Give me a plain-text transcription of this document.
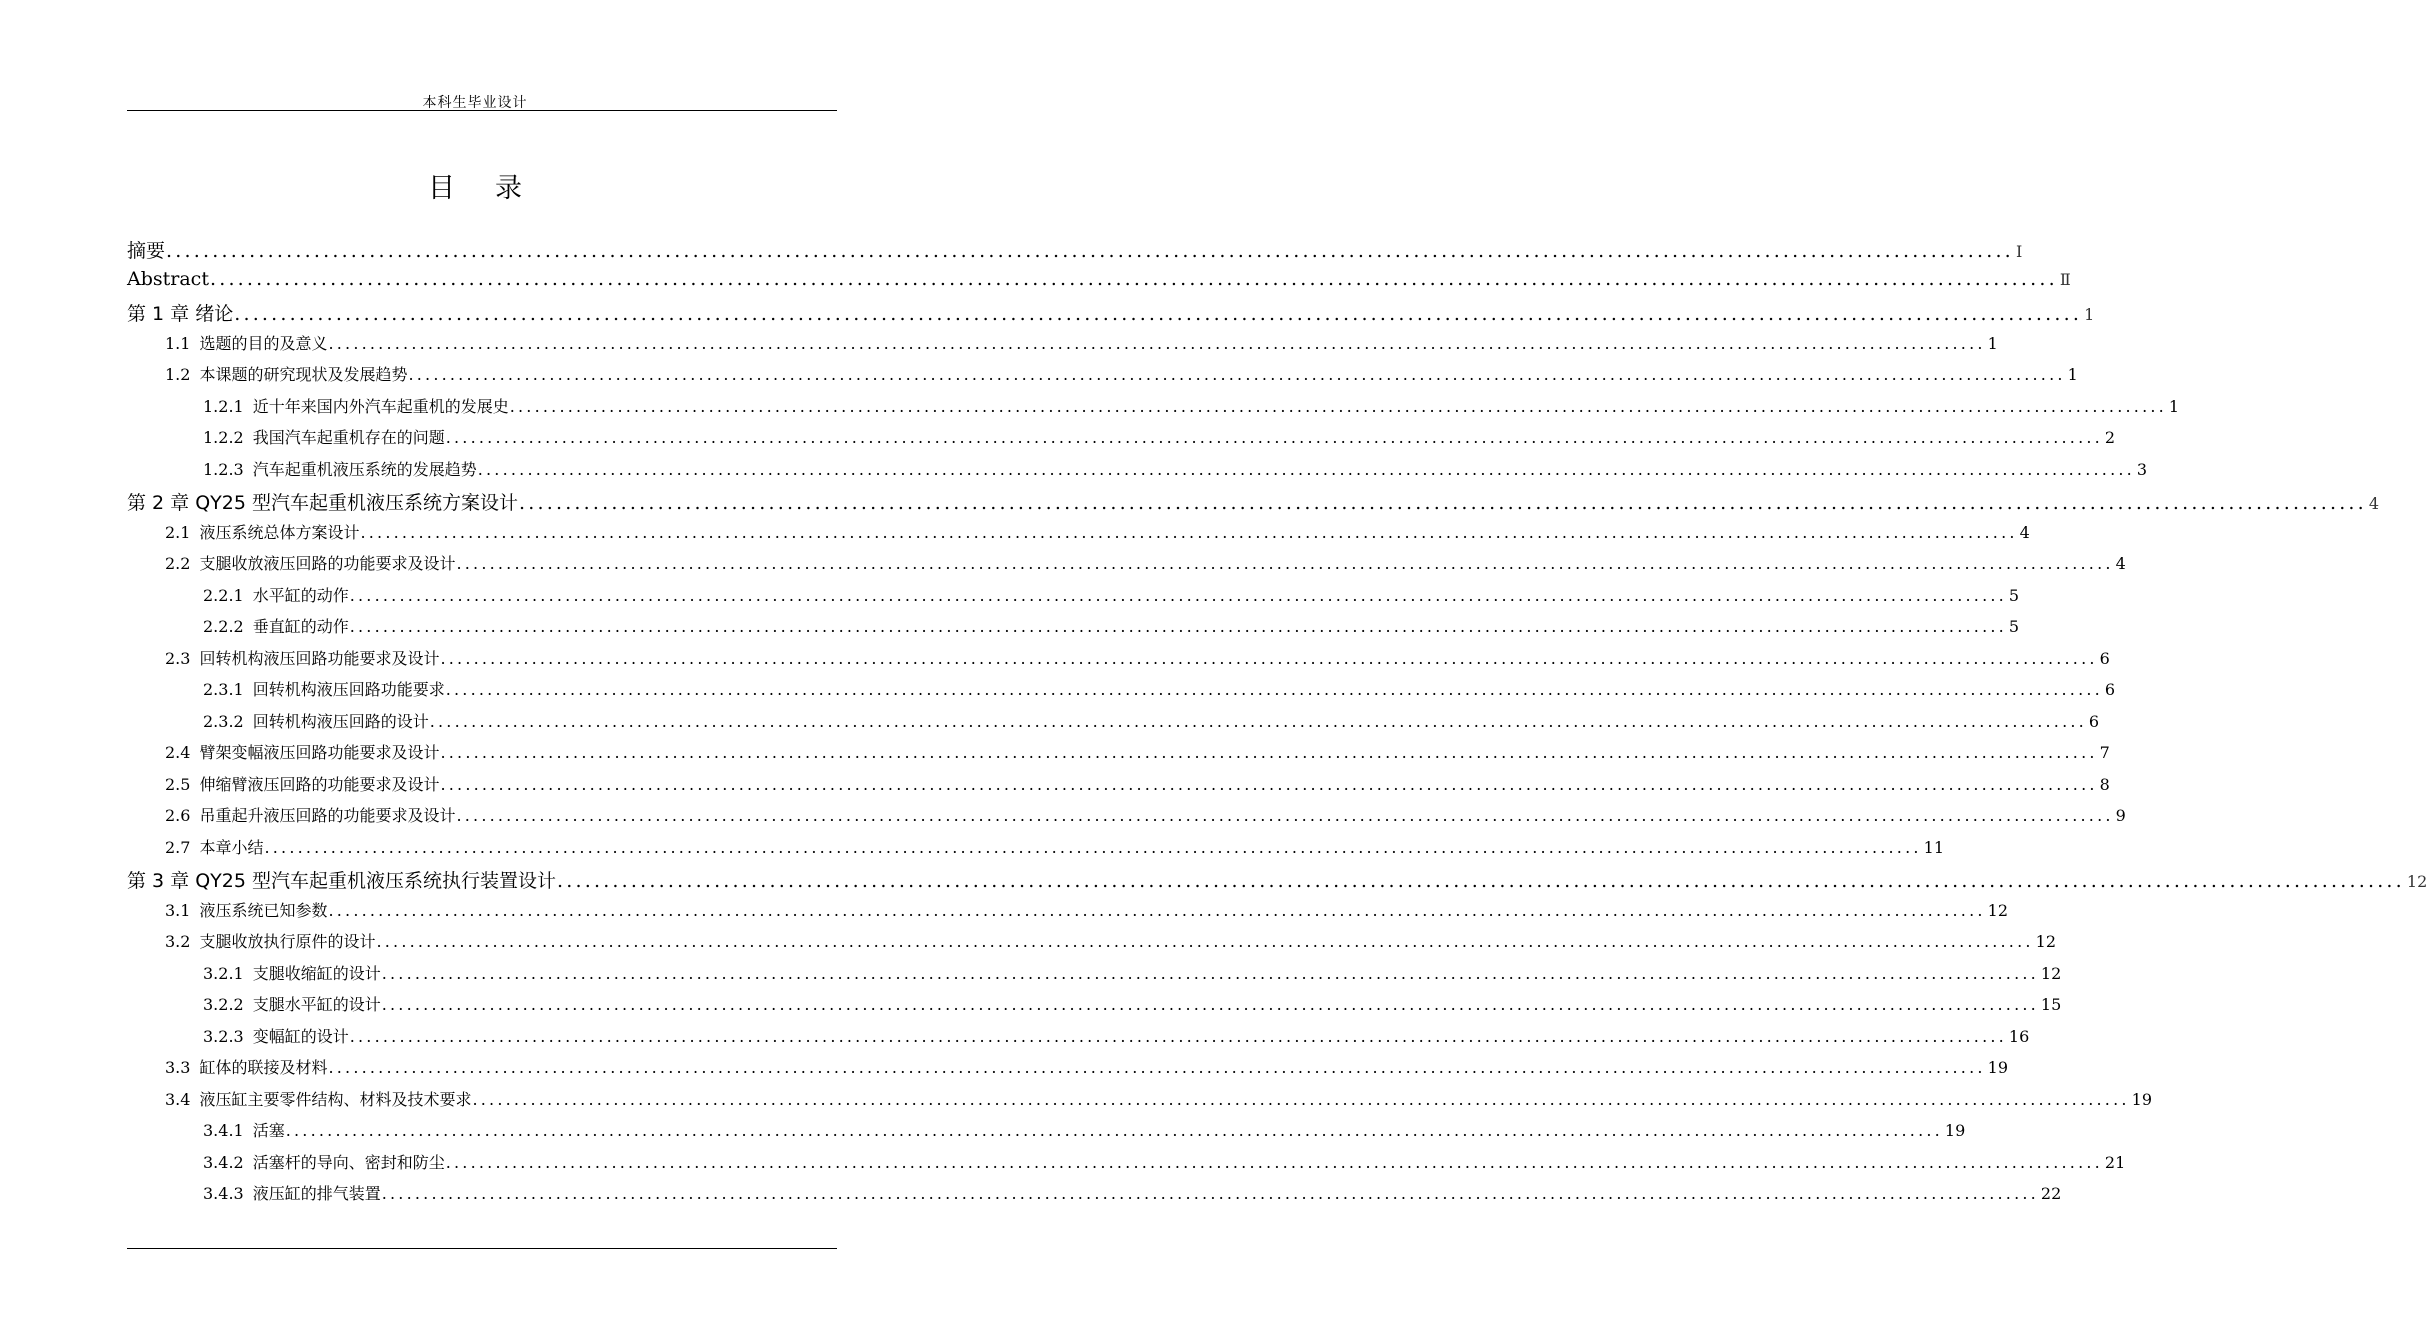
本科生毕业设计
目录
摘要 ........................................................................................................................................................................................................ I
Abstract ........................................................................................................................................................................................................ Ⅱ
第 1 章 绪论 ........................................................................................................................................................................................................ 1
1.1 选题的目的及意义 ........................................................................................................................................................................................................ 1
1.2 本课题的研究现状及发展趋势 ........................................................................................................................................................................................................ 1
1.2.1 近十年来国内外汽车起重机的发展史 ........................................................................................................................................................................................................ 1
1.2.2 我国汽车起重机存在的问题 ........................................................................................................................................................................................................ 2
1.2.3 汽车起重机液压系统的发展趋势 ........................................................................................................................................................................................................ 3
第 2 章 QY25 型汽车起重机液压系统方案设计 ........................................................................................................................................................................................................ 4
2.1 液压系统总体方案设计 ........................................................................................................................................................................................................ 4
2.2 支腿收放液压回路的功能要求及设计 ........................................................................................................................................................................................................ 4
2.2.1 水平缸的动作 ........................................................................................................................................................................................................ 5
2.2.2 垂直缸的动作 ........................................................................................................................................................................................................ 5
2.3 回转机构液压回路功能要求及设计 ........................................................................................................................................................................................................ 6
2.3.1 回转机构液压回路功能要求 ........................................................................................................................................................................................................ 6
2.3.2 回转机构液压回路的设计 ........................................................................................................................................................................................................ 6
2.4 臂架变幅液压回路功能要求及设计 ........................................................................................................................................................................................................ 7
2.5 伸缩臂液压回路的功能要求及设计 ........................................................................................................................................................................................................ 8
2.6 吊重起升液压回路的功能要求及设计 ........................................................................................................................................................................................................ 9
2.7 本章小结 ........................................................................................................................................................................................................ 11
第 3 章 QY25 型汽车起重机液压系统执行装置设计 ........................................................................................................................................................................................................ 12
3.1 液压系统已知参数 ........................................................................................................................................................................................................ 12
3.2 支腿收放执行原件的设计 ........................................................................................................................................................................................................ 12
3.2.1 支腿收缩缸的设计 ........................................................................................................................................................................................................ 12
3.2.2 支腿水平缸的设计 ........................................................................................................................................................................................................ 15
3.2.3 变幅缸的设计 ........................................................................................................................................................................................................ 16
3.3 缸体的联接及材料 ........................................................................................................................................................................................................ 19
3.4 液压缸主要零件结构、材料及技术要求 ........................................................................................................................................................................................................ 19
3.4.1 活塞 ........................................................................................................................................................................................................ 19
3.4.2 活塞杆的导向、密封和防尘 ........................................................................................................................................................................................................ 21
3.4.3 液压缸的排气装置 ........................................................................................................................................................................................................ 22
